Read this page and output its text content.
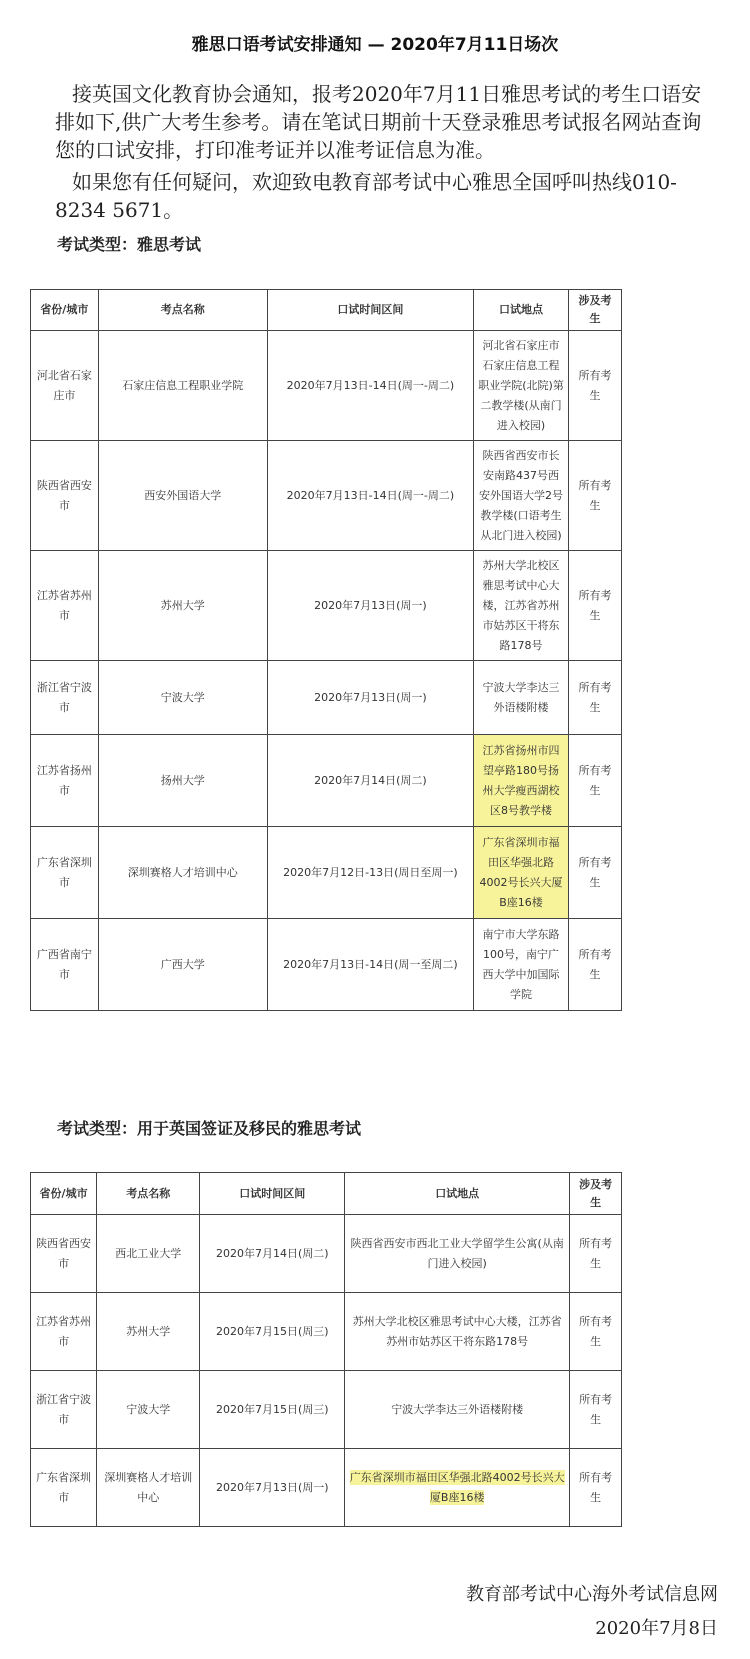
雅思口语考试安排通知 — 2020年7月11日场次

接英国文化教育协会通知，报考2020年7月11日雅思考试的考生口语安排如下,供广大考生参考。请在笔试日期前十天登录雅思考试报名网站查询您的口试安排，打印准考证并以准考证信息为准。

如果您有任何疑问，欢迎致电教育部考试中心雅思全国呼叫热线010-8234 5671。

考试类型：雅思考试
省份/城市	考点名称	口试时间区间	口试地点	涉及考生
河北省石家庄市	石家庄信息工程职业学院	2020年7月13日-14日(周一-周二)	河北省石家庄市石家庄信息工程职业学院(北院)第二教学楼(从南门进入校园)	所有考生
陕西省西安市	西安外国语大学	2020年7月13日-14日(周一-周二)	陕西省西安市长安南路437号西安外国语大学2号教学楼(口语考生从北门进入校园)	所有考生
江苏省苏州市	苏州大学	2020年7月13日(周一)	苏州大学北校区雅思考试中心大楼，江苏省苏州市姑苏区干将东路178号	所有考生
浙江省宁波市	宁波大学	2020年7月13日(周一)	宁波大学李达三外语楼附楼	所有考生
江苏省扬州市	扬州大学	2020年7月14日(周二)	江苏省扬州市四望亭路180号扬州大学瘦西湖校区8号教学楼	所有考生
广东省深圳市	深圳赛格人才培训中心	2020年7月12日-13日(周日至周一)	广东省深圳市福田区华强北路4002号长兴大厦B座16楼	所有考生
广西省南宁市	广西大学	2020年7月13日-14日(周一至周二)	南宁市大学东路100号，南宁广西大学中加国际学院	所有考生
考试类型：用于英国签证及移民的雅思考试
省份/城市	考点名称	口试时间区间	口试地点	涉及考生
陕西省西安市	西北工业大学	2020年7月14日(周二)	陕西省西安市西北工业大学留学生公寓(从南门进入校园)	所有考生
江苏省苏州市	苏州大学	2020年7月15日(周三)	苏州大学北校区雅思考试中心大楼，江苏省苏州市姑苏区干将东路178号	所有考生
浙江省宁波市	宁波大学	2020年7月15日(周三)	宁波大学李达三外语楼附楼	所有考生
广东省深圳市	深圳赛格人才培训中心	2020年7月13日(周一)	广东省深圳市福田区华强北路4002号长兴大厦B座16楼	所有考生
教育部考试中心海外考试信息网
2020年7月8日
